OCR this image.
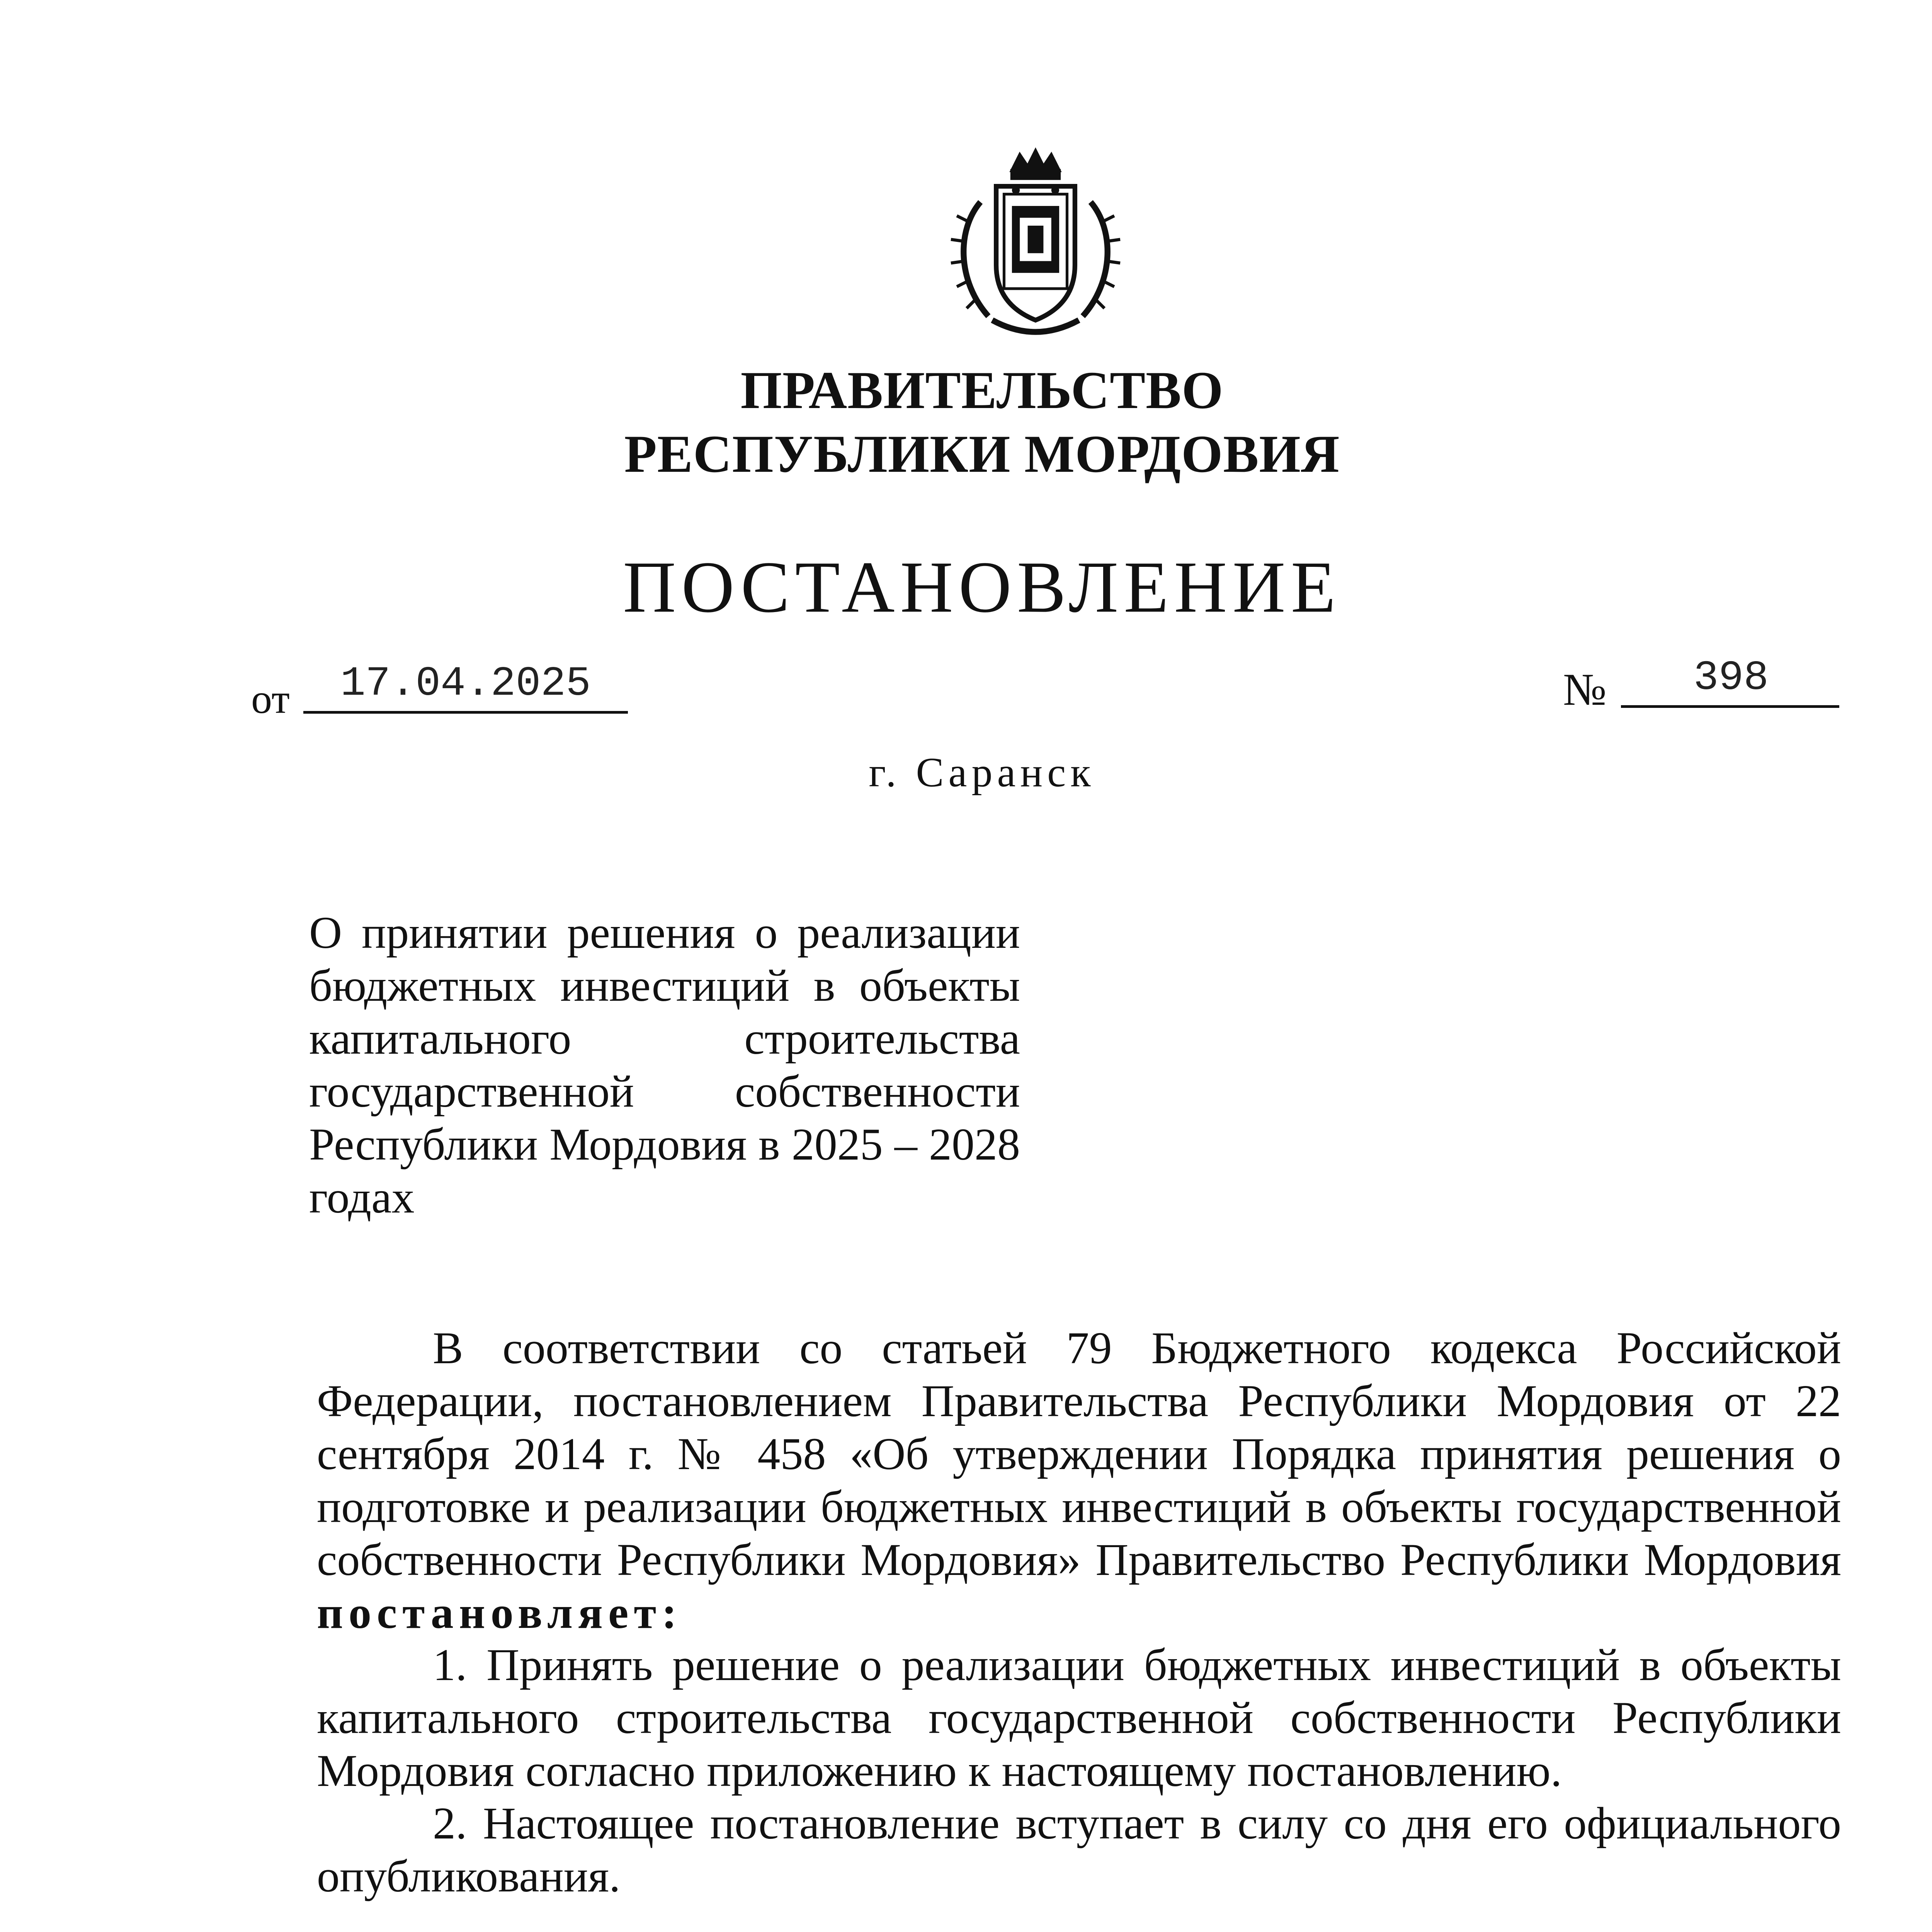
ПРАВИТЕЛЬСТВО
РЕСПУБЛИКИ МОРДОВИЯ
ПОСТАНОВЛЕНИЕ
от	17.04.2025	№	398
г. Саранск
О принятии решения о реализации бюджетных инвестиций в объекты капитального строительства государственной собственности Республики Мордовия в 2025 – 2028 годах
В соответствии со статьей 79 Бюджетного кодекса Российской Федерации, постановлением Правительства Республики Мордовия от 22 сентября 2014 г. № 458 «Об утверждении Порядка принятия решения о подготовке и реализации бюджетных инвестиций в объекты государственной собственности Республики Мордовия» Правительство Республики Мордовия постановляет:
1. Принять решение о реализации бюджетных инвестиций в объекты капитального строительства государственной собственности Республики Мордовия согласно приложению к настоящему постановлению.
2. Настоящее постановление вступает в силу со дня его официального опубликования.
